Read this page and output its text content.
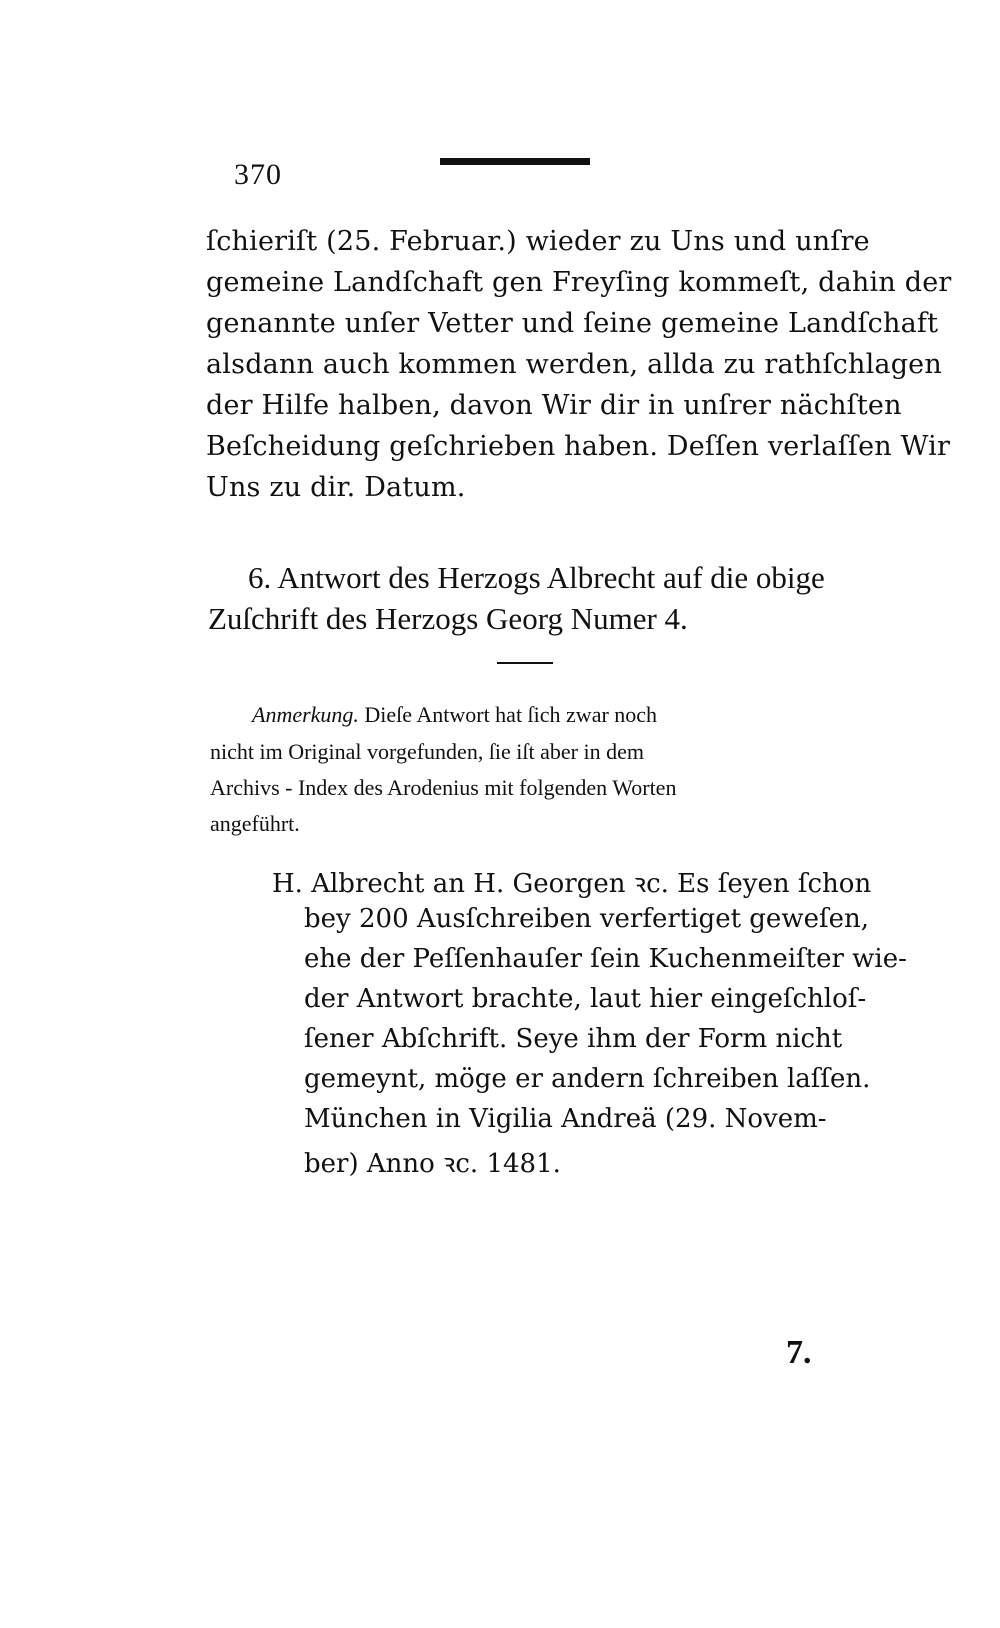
370
ſchieriſt (25. Februar.) wieder zu Uns und unſre
gemeine Landſchaft gen Freyſing kommeſt, dahin der
genannte unſer Vetter und ſeine gemeine Landſchaft
alsdann auch kommen werden, allda zu rathſchlagen
der Hilfe halben, davon Wir dir in unſrer nächſten
Beſcheidung geſchrieben haben. Deſſen verlaſſen Wir
Uns zu dir. Datum.
6. Antwort des Herzogs Albrecht auf die obige
Zuſchrift des Herzogs Georg Numer 4.
Anmerkung. Dieſe Antwort hat ſich zwar noch
nicht im Original vorgefunden, ſie iſt aber in dem
Archivs - Index des Arodenius mit folgenden Worten
angeführt.
H. Albrecht an H. Georgen ꝛc. Es ſeyen ſchon
bey 200 Ausſchreiben verfertiget geweſen,
ehe der Peſſenhauſer ſein Kuchenmeiſter wie-
der Antwort brachte, laut hier eingeſchloſ-
ſener Abſchrift. Seye ihm der Form nicht
gemeynt, möge er andern ſchreiben laſſen.
München in Vigilia Andreä (29. Novem-
ber) Anno ꝛc. 1481.
7.
